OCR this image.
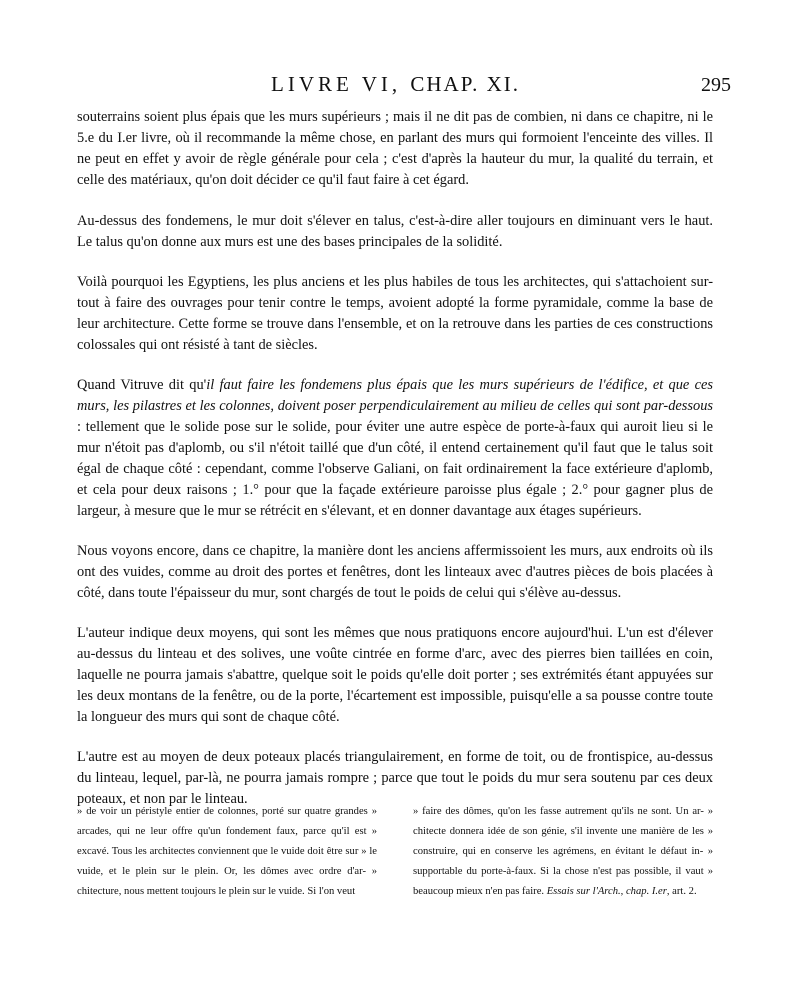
LIVRE VI, CHAP. XI.	295

souterrains soient plus épais que les murs supérieurs ; mais il ne dit pas de combien, ni dans ce chapitre, ni le 5.e du I.er livre, où il recommande la même chose, en parlant des murs qui formoient l'enceinte des villes. Il ne peut en effet y avoir de règle générale pour cela ; c'est d'après la hauteur du mur, la qualité du terrain, et celle des matériaux, qu'on doit décider ce qu'il faut faire à cet égard.

Au-dessus des fondemens, le mur doit s'élever en talus, c'est-à-dire aller toujours en diminuant vers le haut. Le talus qu'on donne aux murs est une des bases principales de la solidité.

Voilà pourquoi les Egyptiens, les plus anciens et les plus habiles de tous les architectes, qui s'attachoient sur-tout à faire des ouvrages pour tenir contre le temps, avoient adopté la forme pyramidale, comme la base de leur architecture. Cette forme se trouve dans l'ensemble, et on la retrouve dans les parties de ces constructions colossales qui ont résisté à tant de siècles.

Quand Vitruve dit qu'il faut faire les fondemens plus épais que les murs supérieurs de l'édifice, et que ces murs, les pilastres et les colonnes, doivent poser perpendiculairement au milieu de celles qui sont par-dessous : tellement que le solide pose sur le solide, pour éviter une autre espèce de porte-à-faux qui auroit lieu si le mur n'étoit pas d'aplomb, ou s'il n'étoit taillé que d'un côté, il entend certainement qu'il faut que le talus soit égal de chaque côté : cependant, comme l'observe Galiani, on fait ordinairement la face extérieure d'aplomb, et cela pour deux raisons ; 1.° pour que la façade extérieure paroisse plus égale ; 2.° pour gagner plus de largeur, à mesure que le mur se rétrécit en s'élevant, et en donner davantage aux étages supérieurs.

Nous voyons encore, dans ce chapitre, la manière dont les anciens affermissoient les murs, aux endroits où ils ont des vuides, comme au droit des portes et fenêtres, dont les linteaux avec d'autres pièces de bois placées à côté, dans toute l'épaisseur du mur, sont chargés de tout le poids de celui qui s'élève au-dessus.

L'auteur indique deux moyens, qui sont les mêmes que nous pratiquons encore aujourd'hui. L'un est d'élever au-dessus du linteau et des solives, une voûte cintrée en forme d'arc, avec des pierres bien taillées en coin, laquelle ne pourra jamais s'abattre, quelque soit le poids qu'elle doit porter ; ses extrémités étant appuyées sur les deux montans de la fenêtre, ou de la porte, l'écartement est impossible, puisqu'elle a sa pousse contre toute la longueur des murs qui sont de chaque côté.

L'autre est au moyen de deux poteaux placés triangulairement, en forme de toit, ou de frontispice, au-dessus du linteau, lequel, par-là, ne pourra jamais rompre ; parce que tout le poids du mur sera soutenu par ces deux poteaux, et non par le linteau.

» de voir un péristyle entier de colonnes, porté sur quatre grandes » arcades, qui ne leur offre qu'un fondement faux, parce qu'il est » excavé. Tous les architectes conviennent que le vuide doit être sur » le vuide, et le plein sur le plein. Or, les dômes avec ordre d'ar- » chitecture, nous mettent toujours le plein sur le vuide. Si l'on veut
» faire des dômes, qu'on les fasse autrement qu'ils ne sont. Un ar- » chitecte donnera idée de son génie, s'il invente une manière de les » construire, qui en conserve les agrémens, en évitant le défaut in- » supportable du porte-à-faux. Si la chose n'est pas possible, il vaut » beaucoup mieux n'en pas faire. Essais sur l'Arch., chap. I.er, art. 2.
